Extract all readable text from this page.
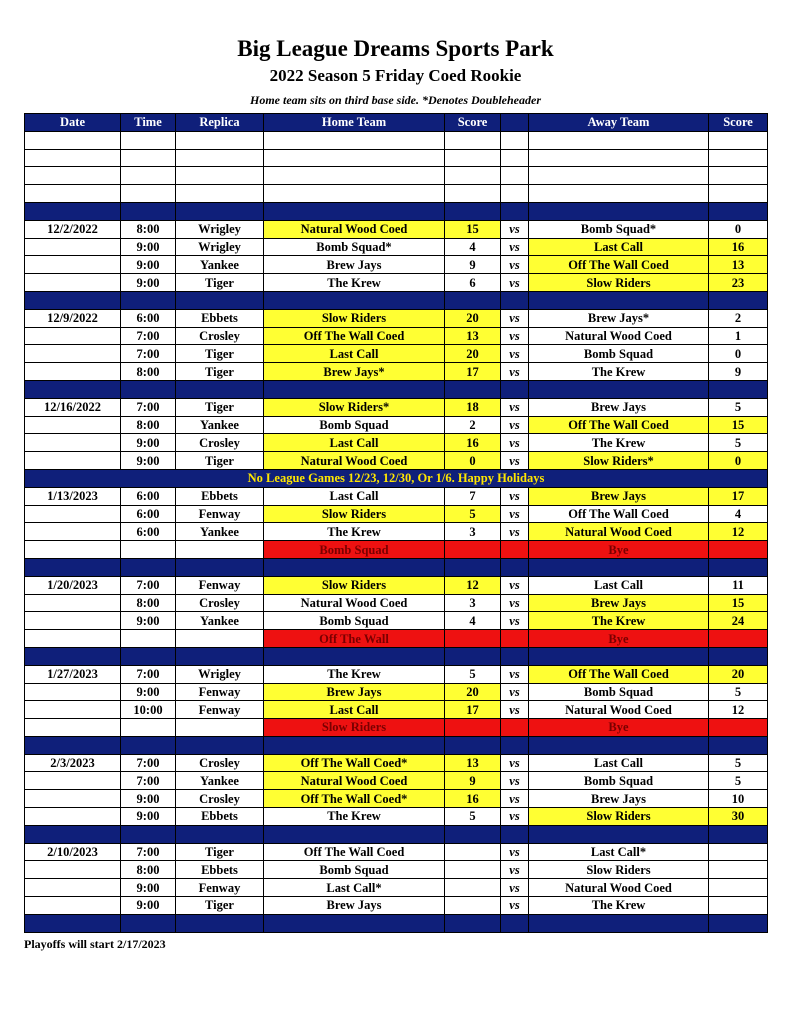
Big League Dreams Sports Park
2022 Season 5 Friday Coed Rookie
Home team sits on third base side. *Denotes Doubleheader
Date	Time	Replica	Home Team	Score		Away Team	Score

12/2/2022	8:00	Wrigley	Natural Wood Coed	15	vs	Bomb Squad*	0
	9:00	Wrigley	Bomb Squad*	4	vs	Last Call	16
	9:00	Yankee	Brew Jays	9	vs	Off The Wall Coed	13
	9:00	Tiger	The Krew	6	vs	Slow Riders	23

12/9/2022	6:00	Ebbets	Slow Riders	20	vs	Brew Jays*	2
	7:00	Crosley	Off The Wall Coed	13	vs	Natural Wood Coed	1
	7:00	Tiger	Last Call	20	vs	Bomb Squad	0
	8:00	Tiger	Brew Jays*	17	vs	The Krew	9

12/16/2022	7:00	Tiger	Slow Riders*	18	vs	Brew Jays	5
	8:00	Yankee	Bomb Squad	2	vs	Off The Wall Coed	15
	9:00	Crosley	Last Call	16	vs	The Krew	5
	9:00	Tiger	Natural Wood Coed	0	vs	Slow Riders*	0
No League Games 12/23, 12/30, Or 1/6. Happy Holidays							
1/13/2023	6:00	Ebbets	Last Call	7	vs	Brew Jays	17
	6:00	Fenway	Slow Riders	5	vs	Off The Wall Coed	4
	6:00	Yankee	The Krew	3	vs	Natural Wood Coed	12
			Bomb Squad			Bye	

1/20/2023	7:00	Fenway	Slow Riders	12	vs	Last Call	11
	8:00	Crosley	Natural Wood Coed	3	vs	Brew Jays	15
	9:00	Yankee	Bomb Squad	4	vs	The Krew	24
			Off The Wall			Bye	

1/27/2023	7:00	Wrigley	The Krew	5	vs	Off The Wall Coed	20
	9:00	Fenway	Brew Jays	20	vs	Bomb Squad	5
	10:00	Fenway	Last Call	17	vs	Natural Wood Coed	12
			Slow Riders			Bye	

2/3/2023	7:00	Crosley	Off The Wall Coed*	13	vs	Last Call	5
	7:00	Yankee	Natural Wood Coed	9	vs	Bomb Squad	5
	9:00	Crosley	Off The Wall Coed*	16	vs	Brew Jays	10
	9:00	Ebbets	The Krew	5	vs	Slow Riders	30

2/10/2023	7:00	Tiger	Off The Wall Coed		vs	Last Call*	
	8:00	Ebbets	Bomb Squad		vs	Slow Riders	
	9:00	Fenway	Last Call*		vs	Natural Wood Coed	
	9:00	Tiger	Brew Jays		vs	The Krew	

Playoffs will start 2/17/2023
